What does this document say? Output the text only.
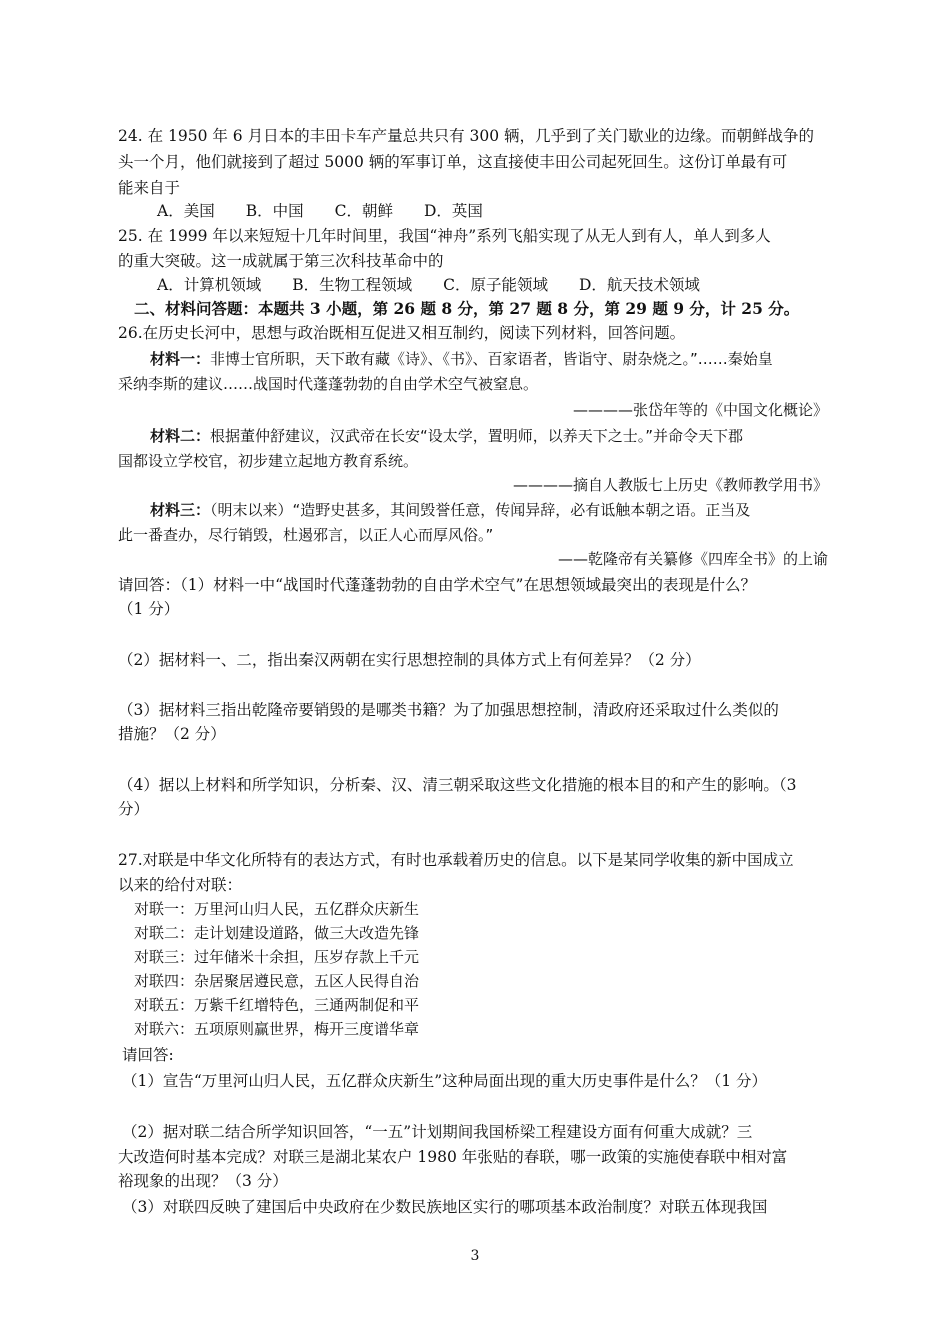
24. 在 1950 年 6 月日本的丰田卡车产量总共只有 300 辆，几乎到了关门歇业的边缘。而朝鲜战争的
头一个月，他们就接到了超过 5000 辆的军事订单，这直接使丰田公司起死回生。这份订单最有可
能来自于
A．美国　　B．中国　　C．朝鲜　　D．英国
25. 在 1999 年以来短短十几年时间里，我国“神舟”系列飞船实现了从无人到有人，单人到多人
的重大突破。这一成就属于第三次科技革命中的
A．计算机领域　　B．生物工程领域　　C．原子能领域　　D．航天技术领域
二、材料问答题：本题共 3 小题，第 26 题 8 分，第 27 题 8 分，第 29 题 9 分，计 25 分。
26.在历史长河中，思想与政治既相互促进又相互制约，阅读下列材料，回答问题。
材料一：非博士官所职，天下敢有藏《诗》、《书》、百家语者，皆诣守、尉杂烧之。”……秦始皇
采纳李斯的建议……战国时代蓬蓬勃勃的自由学术空气被窒息。
————张岱年等的《中国文化概论》
材料二：根据董仲舒建议，汉武帝在长安“设太学，置明师，以养天下之士。”并命令天下郡
国都设立学校官，初步建立起地方教育系统。
————摘自人教版七上历史《教师教学用书》
材料三：（明末以来）“造野史甚多，其间毁誉任意，传闻异辞，必有诋触本朝之语。正当及
此一番查办，尽行销毁，杜遏邪言，以正人心而厚风俗。”
——乾隆帝有关纂修《四库全书》的上谕
请回答：（1）材料一中“战国时代蓬蓬勃勃的自由学术空气”在思想领域最突出的表现是什么？
（1 分）
（2）据材料一、二，指出秦汉两朝在实行思想控制的具体方式上有何差异？（2 分）
（3）据材料三指出乾隆帝要销毁的是哪类书籍？为了加强思想控制，清政府还采取过什么类似的
措施？（2 分）
（4）据以上材料和所学知识，分析秦、汉、清三朝采取这些文化措施的根本目的和产生的影响。（3
分）
27.对联是中华文化所特有的表达方式，有时也承载着历史的信息。以下是某同学收集的新中国成立
以来的给付对联：
对联一：万里河山归人民，五亿群众庆新生
对联二：走计划建设道路，做三大改造先锋
对联三：过年储米十余担，压岁存款上千元
对联四：杂居聚居遵民意，五区人民得自治
对联五：万紫千红增特色，三通两制促和平
对联六：五项原则赢世界，梅开三度谱华章
请回答:
（1）宣告“万里河山归人民，五亿群众庆新生”这种局面出现的重大历史事件是什么？（1 分）
（2）据对联二结合所学知识回答，“一五”计划期间我国桥梁工程建设方面有何重大成就？三
大改造何时基本完成？对联三是湖北某农户 1980 年张贴的春联，哪一政策的实施使春联中相对富
裕现象的出现？（3 分）
（3）对联四反映了建国后中央政府在少数民族地区实行的哪项基本政治制度？对联五体现我国
3
